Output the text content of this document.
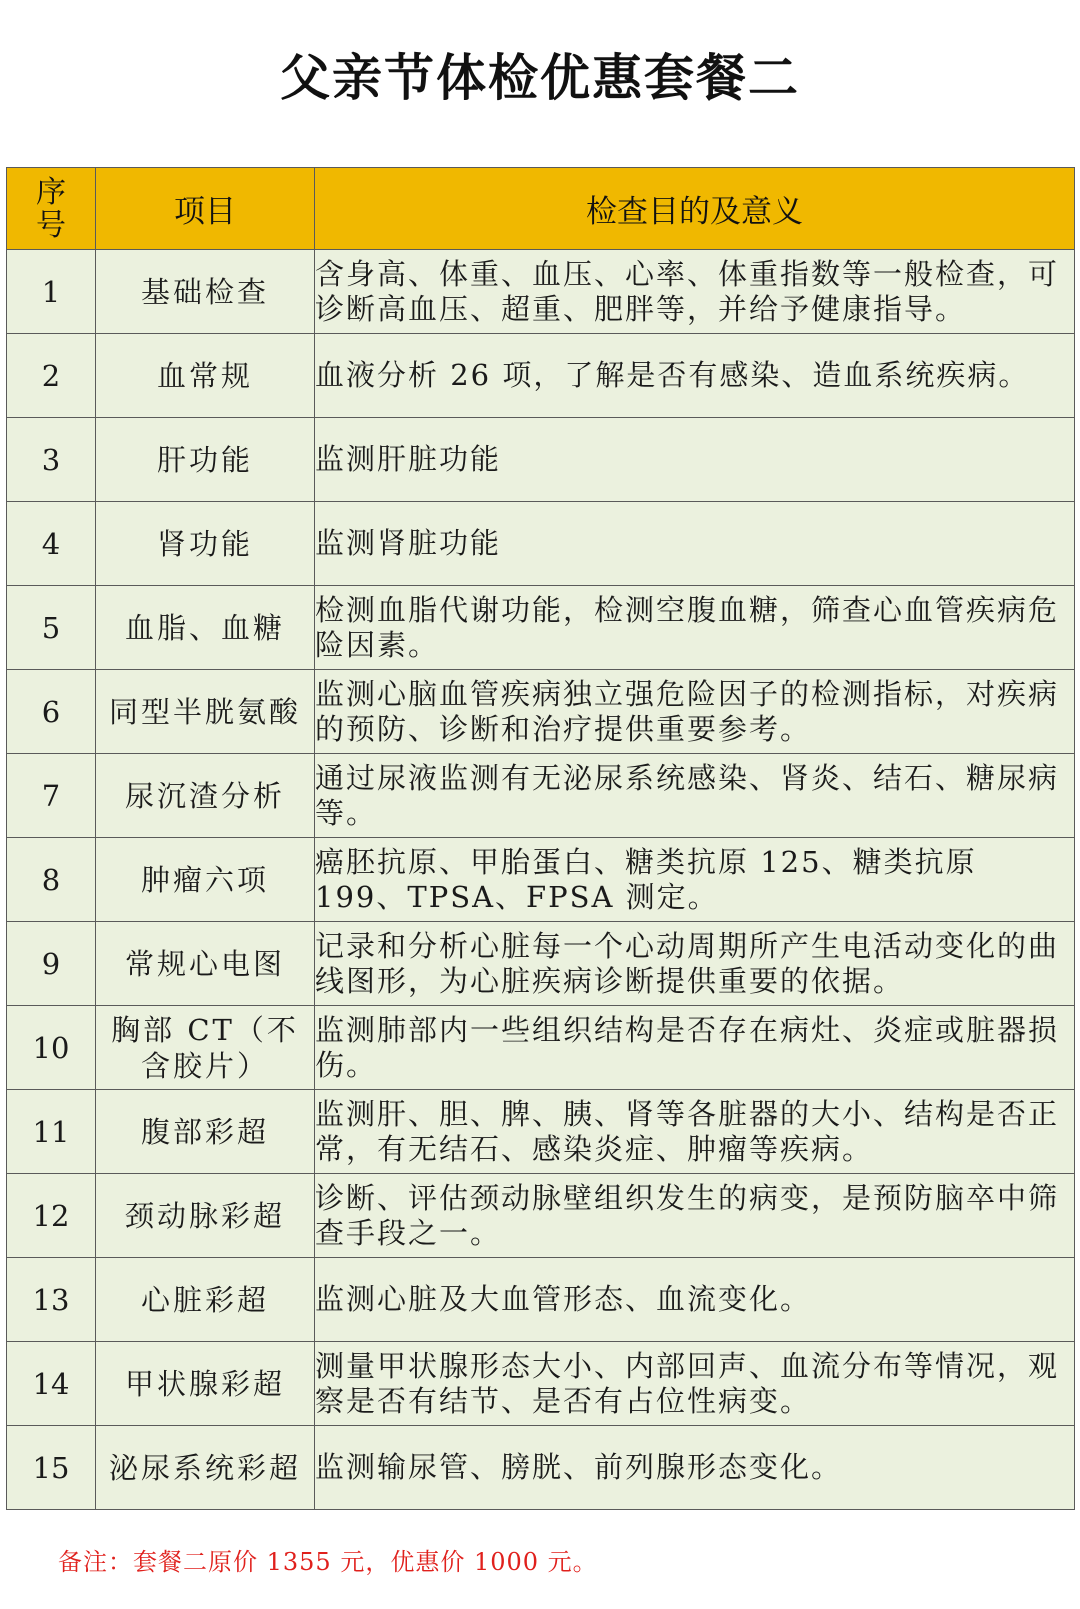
父亲节体检优惠套餐二
序
号	项目	检查目的及意义
1	基础检查	含身高、体重、血压、心率、体重指数等一般检查，可诊断高血压、超重、肥胖等，并给予健康指导。
2	血常规	血液分析 26 项，了解是否有感染、造血系统疾病。
3	肝功能	监测肝脏功能
4	肾功能	监测肾脏功能
5	血脂、血糖	检测血脂代谢功能，检测空腹血糖，筛查心血管疾病危险因素。
6	同型半胱氨酸	监测心脑血管疾病独立强危险因子的检测指标，对疾病的预防、诊断和治疗提供重要参考。
7	尿沉渣分析	通过尿液监测有无泌尿系统感染、肾炎、结石、糖尿病等。
8	肿瘤六项	癌胚抗原、甲胎蛋白、糖类抗原 125、糖类抗原 199、TPSA、FPSA 测定。
9	常规心电图	记录和分析心脏每一个心动周期所产生电活动变化的曲线图形，为心脏疾病诊断提供重要的依据。
10	胸部 CT（不含胶片）	监测肺部内一些组织结构是否存在病灶、炎症或脏器损伤。
11	腹部彩超	监测肝、胆、脾、胰、肾等各脏器的大小、结构是否正常，有无结石、感染炎症、肿瘤等疾病。
12	颈动脉彩超	诊断、评估颈动脉壁组织发生的病变，是预防脑卒中筛查手段之一。
13	心脏彩超	监测心脏及大血管形态、血流变化。
14	甲状腺彩超	测量甲状腺形态大小、内部回声、血流分布等情况，观察是否有结节、是否有占位性病变。
15	泌尿系统彩超	监测输尿管、膀胱、前列腺形态变化。
备注：套餐二原价 1355 元，优惠价 1000 元。
